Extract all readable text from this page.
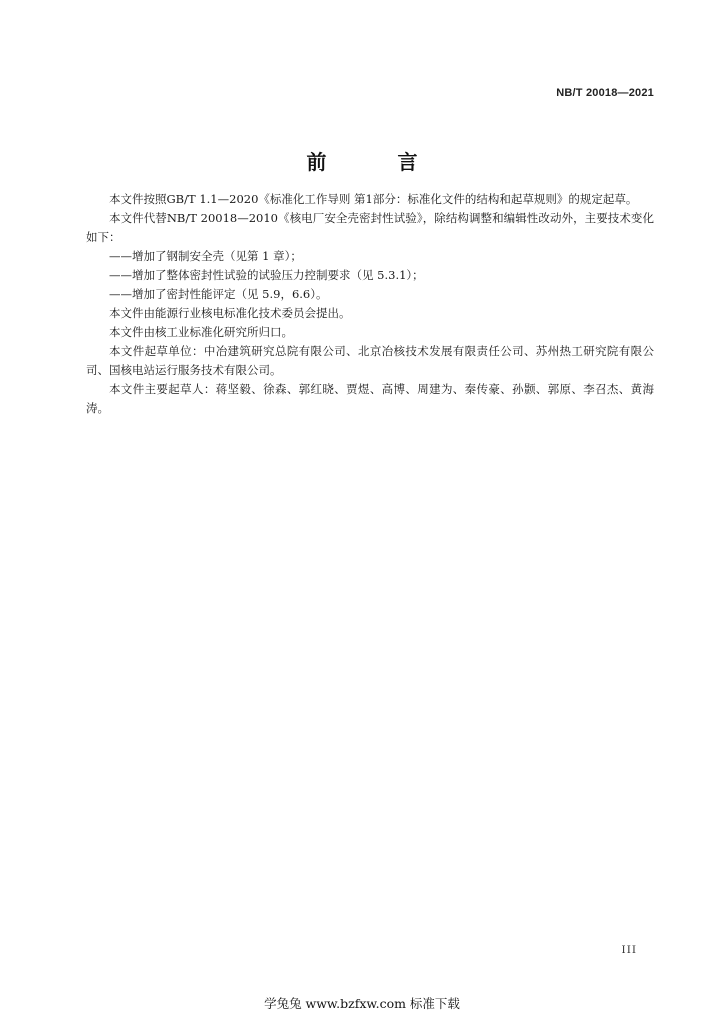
NB/T 20018—2021
前 言

本文件按照GB/T 1.1—2020《标准化工作导则 第1部分：标准化文件的结构和起草规则》的规定起草。

本文件代替NB/T 20018—2010《核电厂安全壳密封性试验》，除结构调整和编辑性改动外，主要技术变化如下：

——增加了钢制安全壳（见第 1 章）；

——增加了整体密封性试验的试验压力控制要求（见 5.3.1）；

——增加了密封性能评定（见 5.9，6.6）。

本文件由能源行业核电标准化技术委员会提出。

本文件由核工业标准化研究所归口。

本文件起草单位：中冶建筑研究总院有限公司、北京冶核技术发展有限责任公司、苏州热工研究院有限公司、国核电站运行服务技术有限公司。

本文件主要起草人：蒋坚毅、徐森、郭红晓、贾煜、高博、周建为、秦传豪、孙颢、郭原、李召杰、黄海涛。

III
学兔兔 www.bzfxw.com 标准下载
